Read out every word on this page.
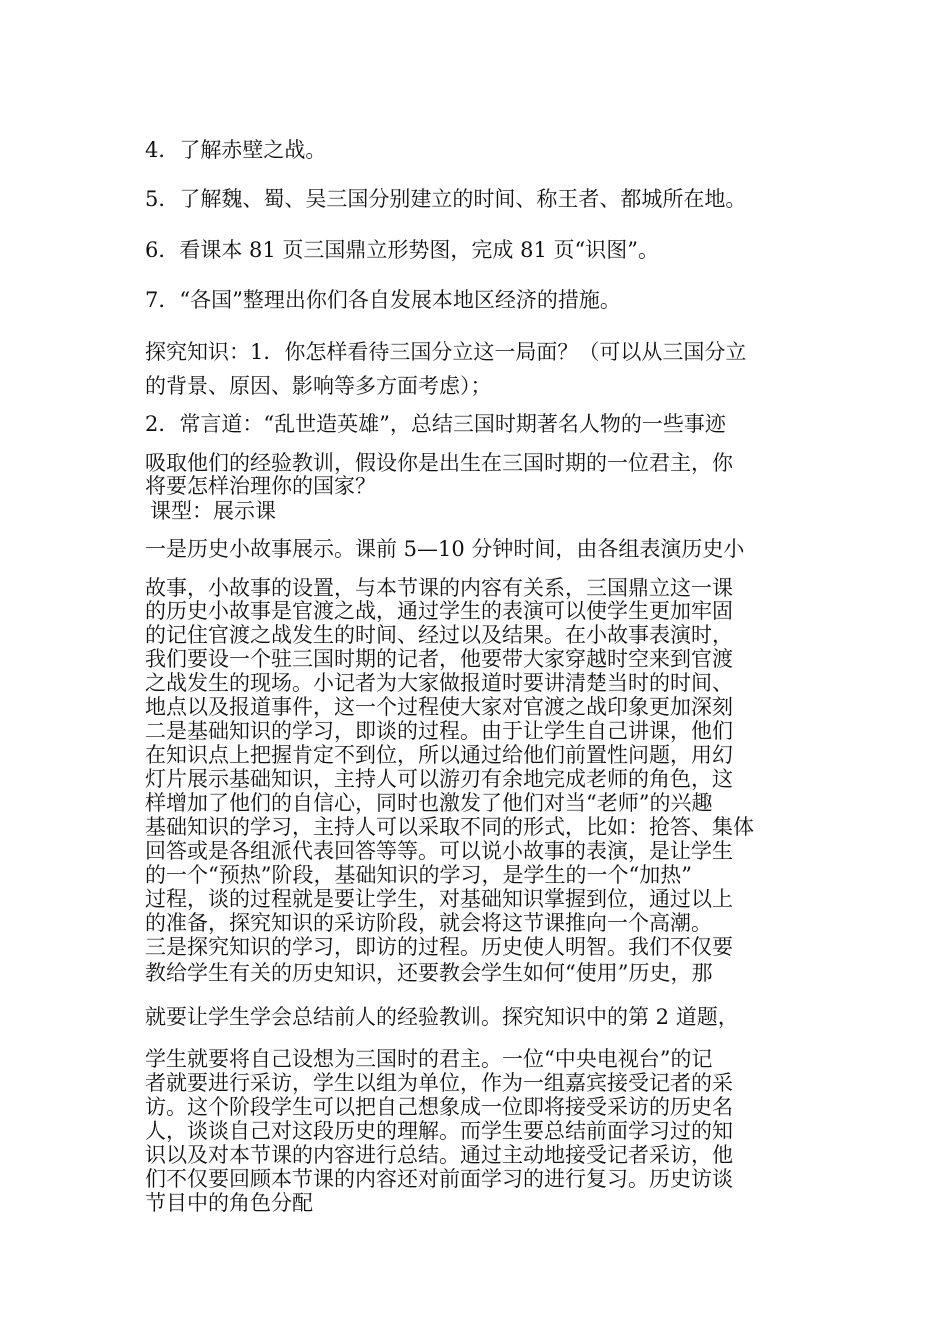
4．了解赤壁之战。
5．了解魏、蜀、吴三国分别建立的时间、称王者、都城所在地。
6．看课本 81 页三国鼎立形势图，完成 81 页“识图”。
7．“各国”整理出你们各自发展本地区经济的措施。
探究知识：1．你怎样看待三国分立这一局面？（可以从三国分立
的背景、原因、影响等多方面考虑）；
2．常言道：“乱世造英雄”，总结三国时期著名人物的一些事迹
吸取他们的经验教训，假设你是出生在三国时期的一位君主，你
将要怎样治理你的国家？
课型：展示课
一是历史小故事展示。课前 5—10 分钟时间，由各组表演历史小
故事，小故事的设置，与本节课的内容有关系，三国鼎立这一课
的历史小故事是官渡之战，通过学生的表演可以使学生更加牢固
的记住官渡之战发生的时间、经过以及结果。在小故事表演时，
我们要设一个驻三国时期的记者，他要带大家穿越时空来到官渡
之战发生的现场。小记者为大家做报道时要讲清楚当时的时间、
地点以及报道事件，这一个过程使大家对官渡之战印象更加深刻
二是基础知识的学习，即谈的过程。由于让学生自己讲课，他们
在知识点上把握肯定不到位，所以通过给他们前置性问题，用幻
灯片展示基础知识，主持人可以游刃有余地完成老师的角色，这
样增加了他们的自信心，同时也激发了他们对当“老师”的兴趣
基础知识的学习，主持人可以采取不同的形式，比如：抢答、集体
回答或是各组派代表回答等等。可以说小故事的表演，是让学生
的一个“预热”阶段，基础知识的学习，是学生的一个“加热”
过程，谈的过程就是要让学生，对基础知识掌握到位，通过以上
的准备，探究知识的采访阶段，就会将这节课推向一个高潮。
三是探究知识的学习，即访的过程。历史使人明智。我们不仅要
教给学生有关的历史知识，还要教会学生如何“使用”历史，那
就要让学生学会总结前人的经验教训。探究知识中的第 2 道题，
学生就要将自己设想为三国时的君主。一位“中央电视台”的记
者就要进行采访，学生以组为单位，作为一组嘉宾接受记者的采
访。这个阶段学生可以把自己想象成一位即将接受采访的历史名
人，谈谈自己对这段历史的理解。而学生要总结前面学习过的知
识以及对本节课的内容进行总结。通过主动地接受记者采访，他
们不仅要回顾本节课的内容还对前面学习的进行复习。历史访谈
节目中的角色分配
